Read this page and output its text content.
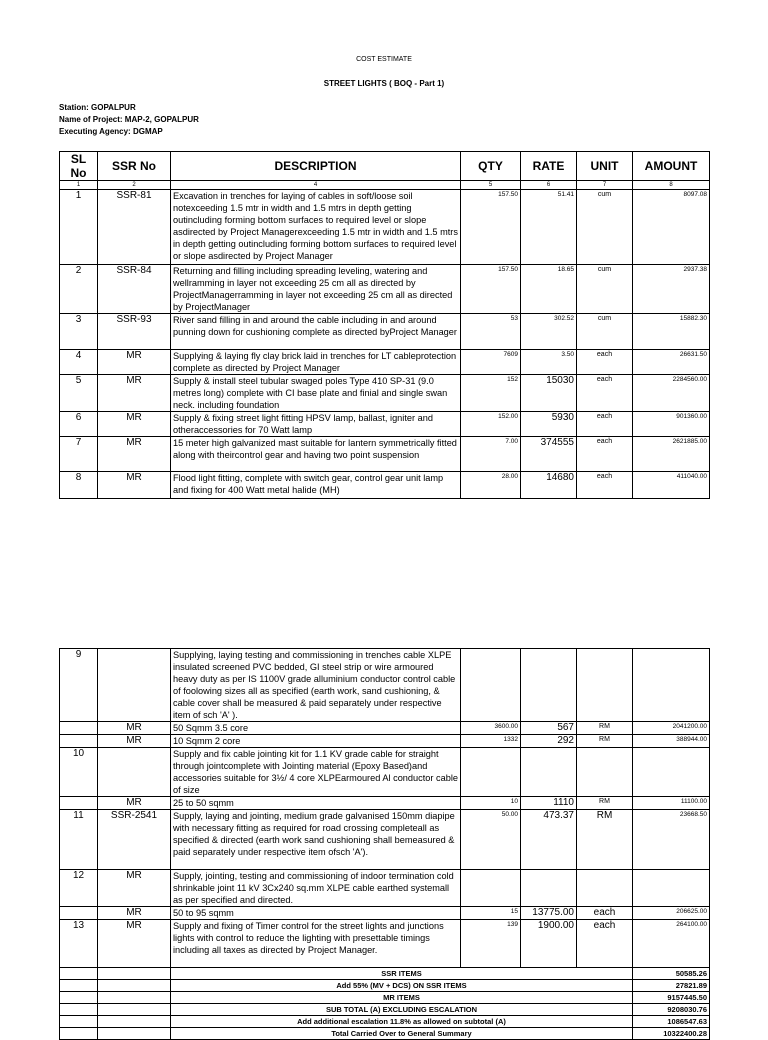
COST ESTIMATE
STREET LIGHTS ( BOQ - Part 1)
Station: GOPALPUR
Name of Project: MAP-2, GOPALPUR
Executing Agency: DGMAP
SL No	SSR No	DESCRIPTION	QTY	RATE	UNIT	AMOUNT
1	2	4	5	6	7	8
1	SSR-81	Excavation in trenches for laying of cables in soft/loose soil notexceeding 1.5 mtr in width and 1.5 mtrs in depth getting outincluding forming bottom surfaces to required level or slope asdirected by Project Managerexceeding 1.5 mtr in width and 1.5 mtrs in depth getting outincluding forming bottom surfaces to required level or slope asdirected by Project Manager	157.50	51.41	cum	8097.08
2	SSR-84	Returning and filling including spreading leveling, watering and wellramming in layer not exceeding 25 cm all as directed by ProjectManagerramming in layer not exceeding 25 cm all as directed by ProjectManager	157.50	18.65	cum	2937.38
3	SSR-93	River sand filling in and around the cable including in and around punning down for cushioning complete as directed byProject Manager	53	302.52	cum	15882.30
4	MR	Supplying & laying fly clay brick laid in trenches for LT cableprotection complete as directed by Project Manager	7609	3.50	each	26631.50
5	MR	Supply & install steel tubular swaged poles Type 410 SP-31 (9.0 metres long) complete with CI base plate and finial and single swan neck. including foundation	152	15030	each	2284560.00
6	MR	Supply & fixing street light fitting HPSV lamp, ballast, igniter and otheraccessories for 70 Watt lamp	152.00	5930	each	901360.00
7	MR	15 meter high galvanized mast suitable for lantern symmetrically fitted along with theircontrol gear and having two point suspension	7.00	374555	each	2621885.00
8	MR	Flood light fitting, complete with switch gear, control gear unit lamp and fixing for 400 Watt metal halide (MH)	28.00	14680	each	411040.00
9		Supplying, laying testing and commissioning in trenches cable XLPE insulated screened PVC bedded, GI steel strip or wire armoured heavy duty as per IS 1100V grade alluminium conductor control cable of foolowing sizes all as specified (earth work, sand cushioning, & cable cover shall be measured & paid separately under respective item of sch 'A' ).				
	MR	50 Sqmm 3.5 core	3600.00	567	RM	2041200.00
	MR	10 Sqmm 2 core	1332	292	RM	388944.00
10		Supply and fix cable jointing kit for 1.1 KV grade cable for straight through jointcomplete with Jointing material (Epoxy Based)and accessories suitable for 3½/ 4 core XLPEarmoured Al conductor cable of size				
	MR	25 to 50 sqmm	10	1110	RM	11100.00
11	SSR-2541	Supply, laying and jointing, medium grade galvanised 150mm diapipe with necessary fitting as required for road crossing completeall as specified & directed (earth work sand cushioning shall bemeasured & paid separately under respective item ofsch 'A').	50.00	473.37	RM	23668.50
12	MR	Supply, jointing, testing and commissioning of indoor termination cold shrinkable joint 11 kV 3Cx240 sq.mm XLPE cable earthed systemall as per specified and directed.				
	MR	50 to 95 sqmm	15	13775.00	each	206625.00
13	MR	Supply and fixing of Timer control for the street lights and junctions lights with control to reduce the lighting with presettable timings including all taxes as directed by Project Manager.	139	1900.00	each	264100.00
		SSR ITEMS				50585.26
		Add 55% (MV + DCS) ON SSR ITEMS				27821.89
		MR ITEMS				9157445.50
		SUB TOTAL (A) EXCLUDING ESCALATION				9208030.76
		Add additional escalation 11.8% as allowed on subtotal (A)				1086547.63
		Total Carried Over to General Summary				10322400.28
